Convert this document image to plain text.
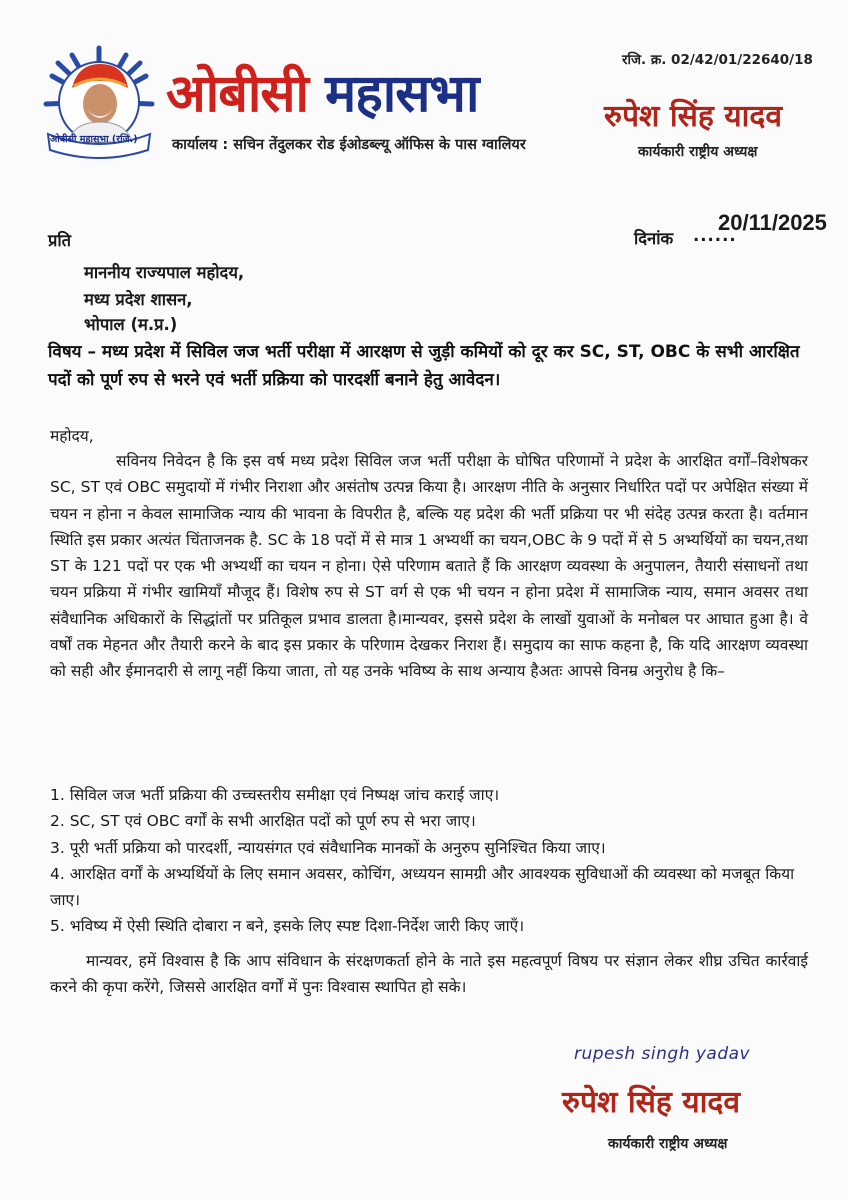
ओबीसी महासभा (रजि.)
ओबीसी महासभा
कार्यालय : सचिन तेंदुलकर रोड ईओडब्ल्यू ऑफिस के पास ग्वालियर
रजि. क्र. 02/42/01/22640/18
रुपेश सिंह यादव
कार्यकारी राष्ट्रीय अध्यक्ष
प्रति	दिनांक ......
20/11/2025
माननीय राज्यपाल महोदय,
मध्य प्रदेश शासन,
भोपाल (म.प्र.)
विषय – मध्य प्रदेश में सिविल जज भर्ती परीक्षा में आरक्षण से जुड़ी कमियों को दूर कर SC, ST, OBC के सभी आरक्षित पदों को पूर्ण रुप से भरने एवं भर्ती प्रक्रिया को पारदर्शी बनाने हेतु आवेदन।
महोदय,
सविनय निवेदन है कि इस वर्ष मध्य प्रदेश सिविल जज भर्ती परीक्षा के घोषित परिणामों ने प्रदेश के आरक्षित वर्गों–विशेषकर SC, ST एवं OBC समुदायों में गंभीर निराशा और असंतोष उत्पन्न किया है। आरक्षण नीति के अनुसार निर्धारित पदों पर अपेक्षित संख्या में चयन न होना न केवल सामाजिक न्याय की भावना के विपरीत है, बल्कि यह प्रदेश की भर्ती प्रक्रिया पर भी संदेह उत्पन्न करता है। वर्तमान स्थिति इस प्रकार अत्यंत चिंताजनक है. SC के 18 पदों में से मात्र 1 अभ्यर्थी का चयन,OBC के 9 पदों में से 5 अभ्यर्थियों का चयन,तथा ST के 121 पदों पर एक भी अभ्यर्थी का चयन न होना। ऐसे परिणाम बताते हैं कि आरक्षण व्यवस्था के अनुपालन, तैयारी संसाधनों तथा चयन प्रक्रिया में गंभीर खामियाँ मौजूद हैं। विशेष रुप से ST वर्ग से एक भी चयन न होना प्रदेश में सामाजिक न्याय, समान अवसर तथा संवैधानिक अधिकारों के सिद्धांतों पर प्रतिकूल प्रभाव डालता है।मान्यवर, इससे प्रदेश के लाखों युवाओं के मनोबल पर आघात हुआ है। वे वर्षों तक मेहनत और तैयारी करने के बाद इस प्रकार के परिणाम देखकर निराश हैं। समुदाय का साफ कहना है, कि यदि आरक्षण व्यवस्था को सही और ईमानदारी से लागू नहीं किया जाता, तो यह उनके भविष्य के साथ अन्याय हैअतः आपसे विनम्र अनुरोध है कि–
1. सिविल जज भर्ती प्रक्रिया की उच्चस्तरीय समीक्षा एवं निष्पक्ष जांच कराई जाए।
2. SC, ST एवं OBC वर्गों के सभी आरक्षित पदों को पूर्ण रुप से भरा जाए।
3. पूरी भर्ती प्रक्रिया को पारदर्शी, न्यायसंगत एवं संवैधानिक मानकों के अनुरुप सुनिश्चित किया जाए।
4. आरक्षित वर्गों के अभ्यर्थियों के लिए समान अवसर, कोचिंग, अध्ययन सामग्री और आवश्यक सुविधाओं की व्यवस्था को मजबूत किया जाए।
5. भविष्य में ऐसी स्थिति दोबारा न बने, इसके लिए स्पष्ट दिशा-निर्देश जारी किए जाएँ।
मान्यवर, हमें विश्वास है कि आप संविधान के संरक्षणकर्ता होने के नाते इस महत्वपूर्ण विषय पर संज्ञान लेकर शीघ्र उचित कार्रवाई करने की कृपा करेंगे, जिससे आरक्षित वर्गों में पुनः विश्वास स्थापित हो सके।
rupesh singh yadav
रुपेश सिंह यादव
कार्यकारी राष्ट्रीय अध्यक्ष
